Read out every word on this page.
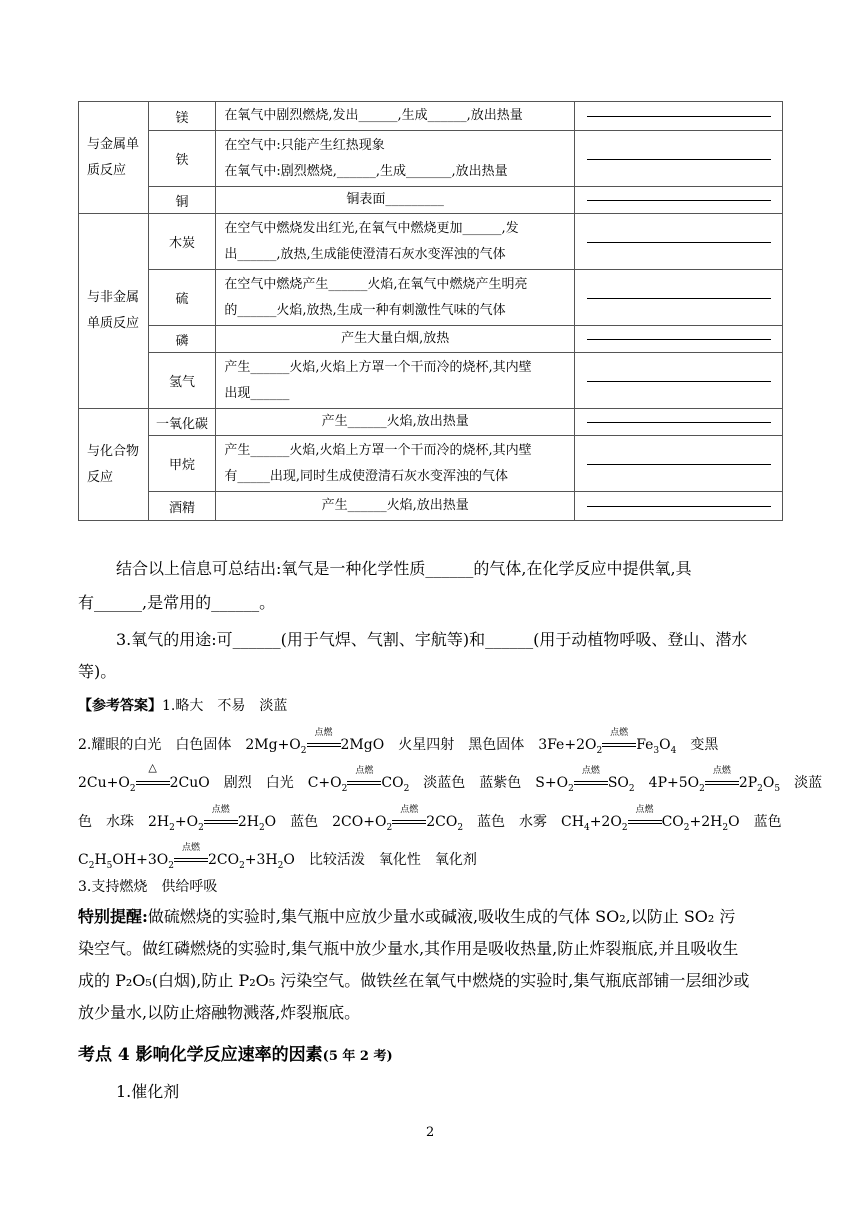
与金属单质反应	镁	在氧气中剧烈燃烧,发出______,生成______,放出热量	
	铁	在空气中:只能产生红热现象
在氧气中:剧烈燃烧,______,生成_______,放出热量	

	铜	铜表面_________	
与非金属单质反应	木炭	在空气中燃烧发出红光,在氧气中燃烧更加______,发
出______,放热,生成能使澄清石灰水变浑浊的气体	

	硫	在空气中燃烧产生______火焰,在氧气中燃烧产生明亮
的______火焰,放热,生成一种有刺激性气味的气体	

	磷	产生大量白烟,放热	
	氢气	产生______火焰,火焰上方罩一个干而冷的烧杯,其内壁
出现______	

与化合物反应	一氧化碳	产生______火焰,放出热量	
	甲烷	产生______火焰,火焰上方罩一个干而冷的烧杯,其内壁
有_____出现,同时生成使澄清石灰水变浑浊的气体	

	酒精	产生______火焰,放出热量	
结合以上信息可总结出:氧气是一种化学性质______的气体,在化学反应中提供氧,具
有______,是常用的______。
3.氧气的用途:可______(用于气焊、气割、宇航等)和______(用于动植物呼吸、登山、潜水
等)。
【参考答案】1.略大　不易　淡蓝
2.耀眼的白光　白色固体　$2Mg+O_2$
点燃
2MgO　火星四射　黑色固体　$3Fe+2O_2$
点燃
$Fe_3O_4$　变黑
$2Cu+O_2$
△
2CuO　剧烈　白光　$C+O_2$
点燃
$CO_2$　淡蓝色　蓝紫色　$S+O_2$
点燃
$SO_2$　$4P+5O_2$
点燃
$2P_2O_5$　淡蓝
色　水珠　$2H_2+O_2$
点燃
$2H_2O$　蓝色　$2CO+O_2$
点燃
$2CO_2$　蓝色　水雾　$CH_4+2O_2$
点燃
$CO_2+2H_2O$　蓝色
$C_2H_5OH+3O_2$
点燃
$2CO_2+3H_2O$　比较活泼　氧化性　氧化剂
3.支持燃烧　供给呼吸
特别提醒:做硫燃烧的实验时,集气瓶中应放少量水或碱液,吸收生成的气体 SO₂,以防止 SO₂ 污
染空气。做红磷燃烧的实验时,集气瓶中放少量水,其作用是吸收热量,防止炸裂瓶底,并且吸收生
成的 P₂O₅(白烟),防止 P₂O₅ 污染空气。做铁丝在氧气中燃烧的实验时,集气瓶底部铺一层细沙或
放少量水,以防止熔融物溅落,炸裂瓶底。
考点 4 影响化学反应速率的因素(5 年 2 考)
1.催化剂
2
